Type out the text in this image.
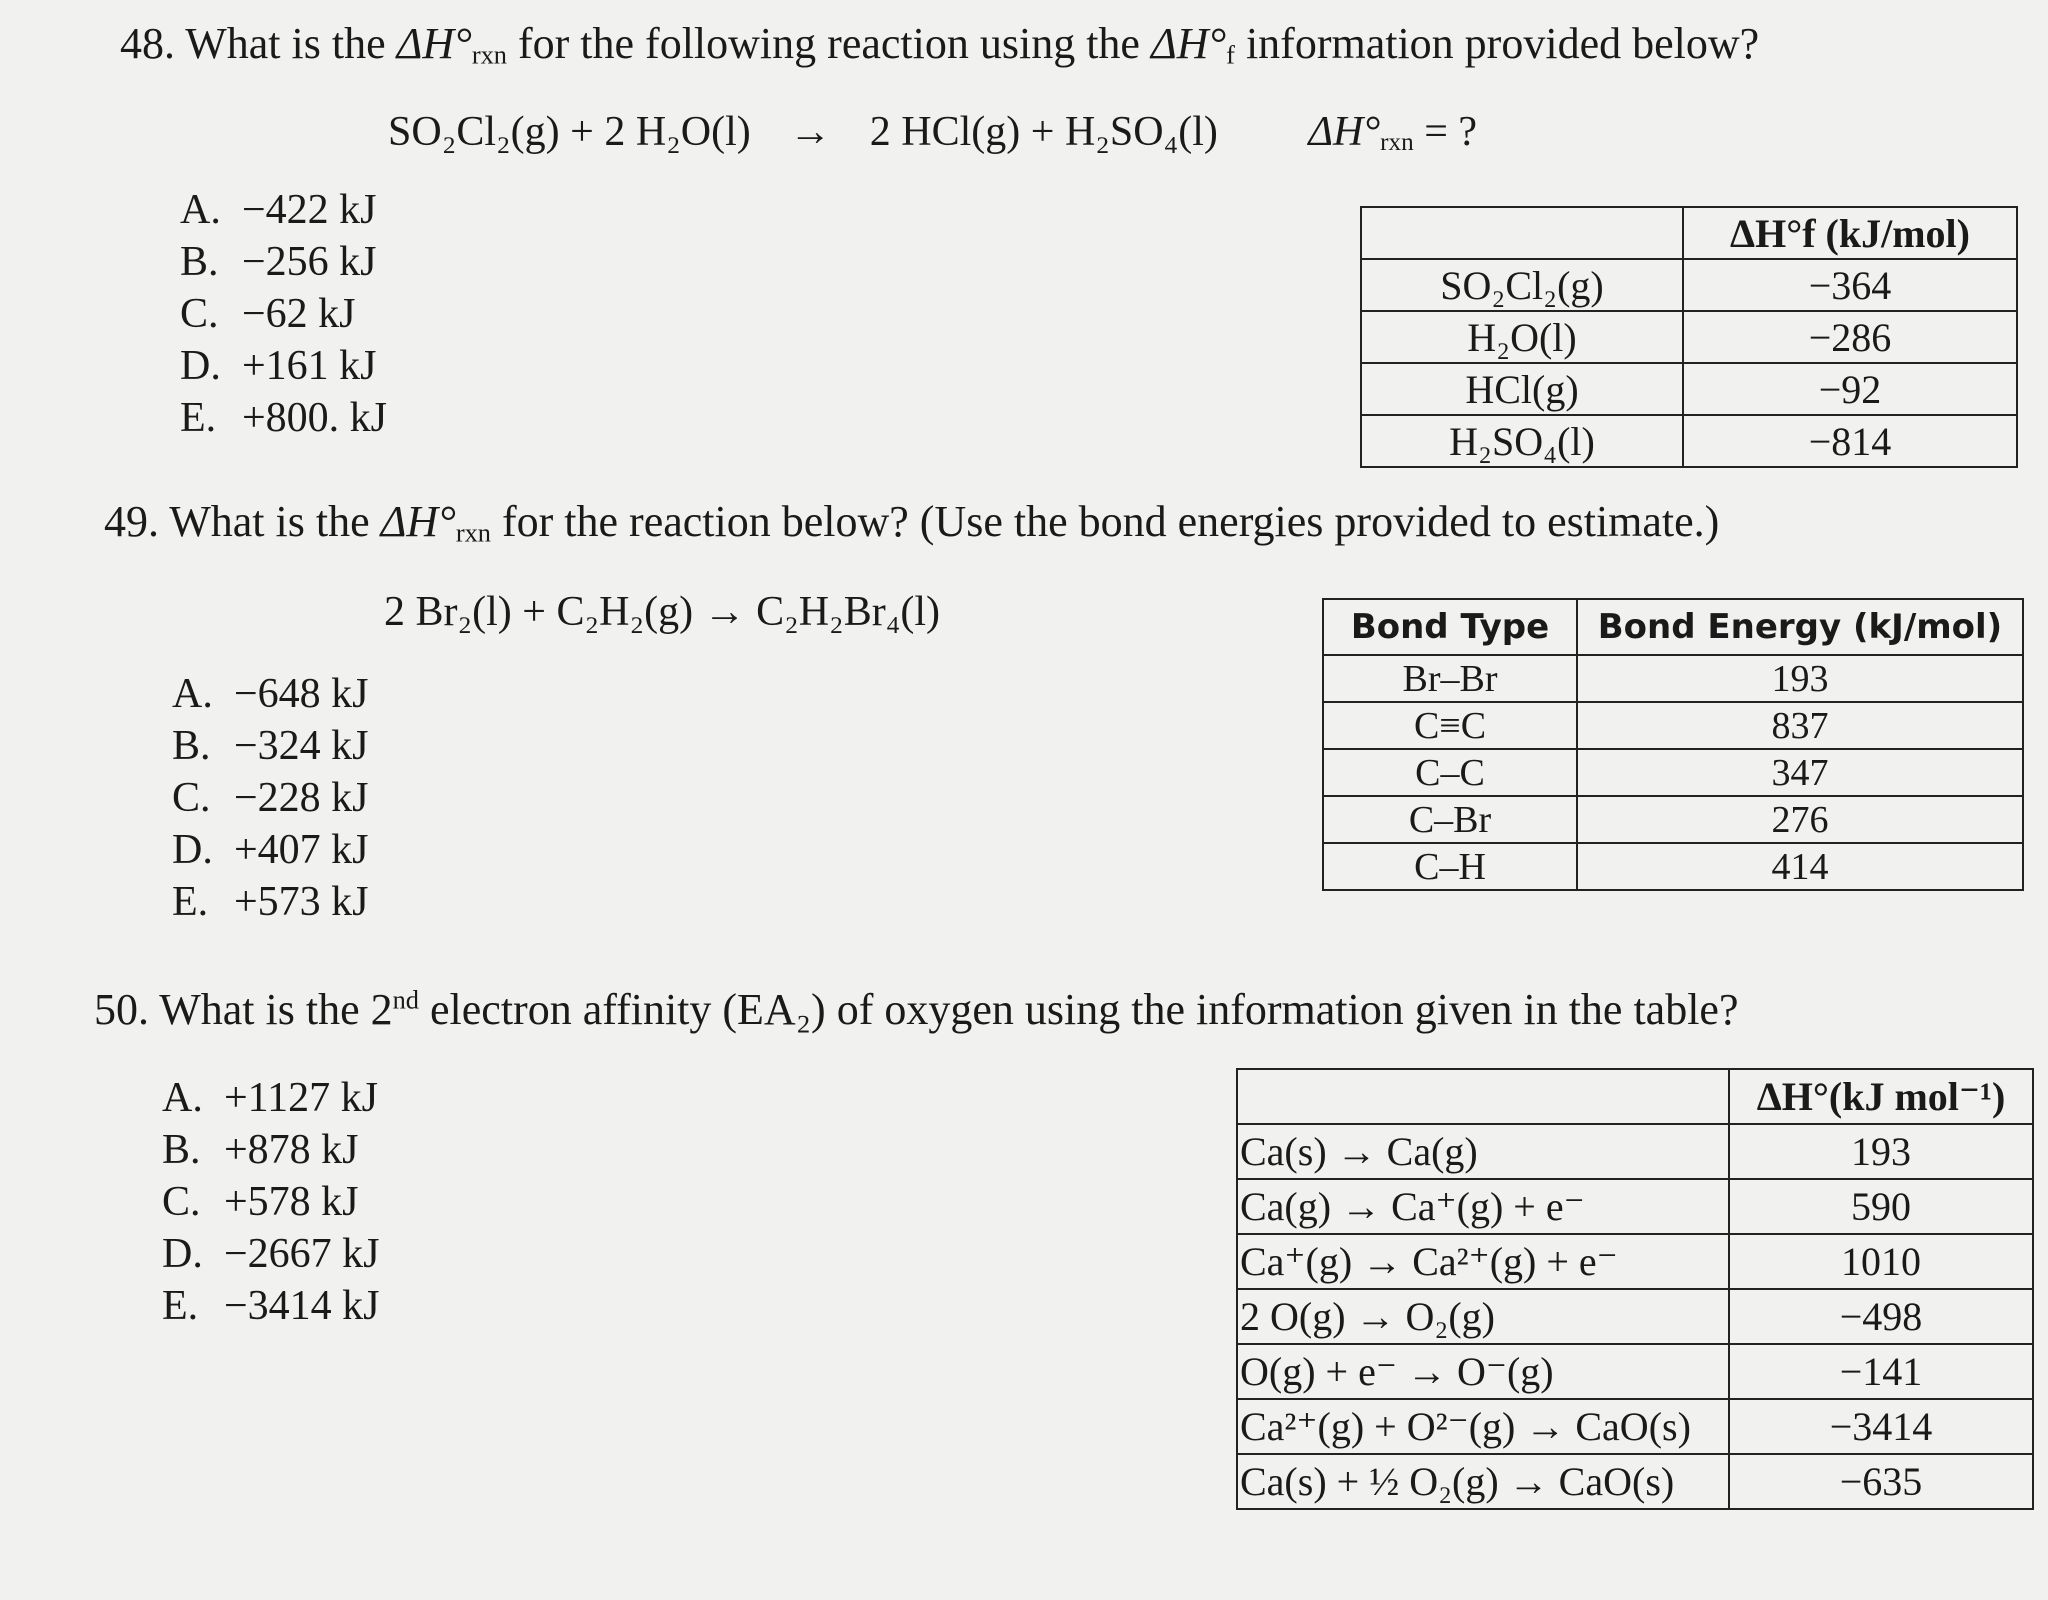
48. What is the ΔH°rxn for the following reaction using the ΔH°f information provided below?
SO₂Cl₂(g) + 2 H₂O(l) → 2 HCl(g) + H₂SO₄(l) ΔH°rxn = ?
A. −422 kJ
B. −256 kJ
C. −62 kJ
D. +161 kJ
E. +800. kJ
	ΔH°f (kJ/mol)
SO₂Cl₂(g)	−364
H₂O(l)	−286
HCl(g)	−92
H₂SO₄(l)	−814
49. What is the ΔH°rxn for the reaction below? (Use the bond energies provided to estimate.)
2 Br₂(l) + C₂H₂(g) → C₂H₂Br₄(l)
A. −648 kJ
B. −324 kJ
C. −228 kJ
D. +407 kJ
E. +573 kJ
Bond Type	Bond Energy (kJ/mol)
Br–Br	193
C≡C	837
C–C	347
C–Br	276
C–H	414
50. What is the 2nd electron affinity (EA₂) of oxygen using the information given in the table?
A. +1127 kJ
B. +878 kJ
C. +578 kJ
D. −2667 kJ
E. −3414 kJ
	ΔH°(kJ mol⁻¹)
Ca(s) → Ca(g)	193
Ca(g) → Ca⁺(g) + e⁻	590
Ca⁺(g) → Ca²⁺(g) + e⁻	1010
2 O(g) → O₂(g)	−498
O(g) + e⁻ → O⁻(g)	−141
Ca²⁺(g) + O²⁻(g) → CaO(s)	−3414
Ca(s) + ½ O₂(g) → CaO(s)	−635
